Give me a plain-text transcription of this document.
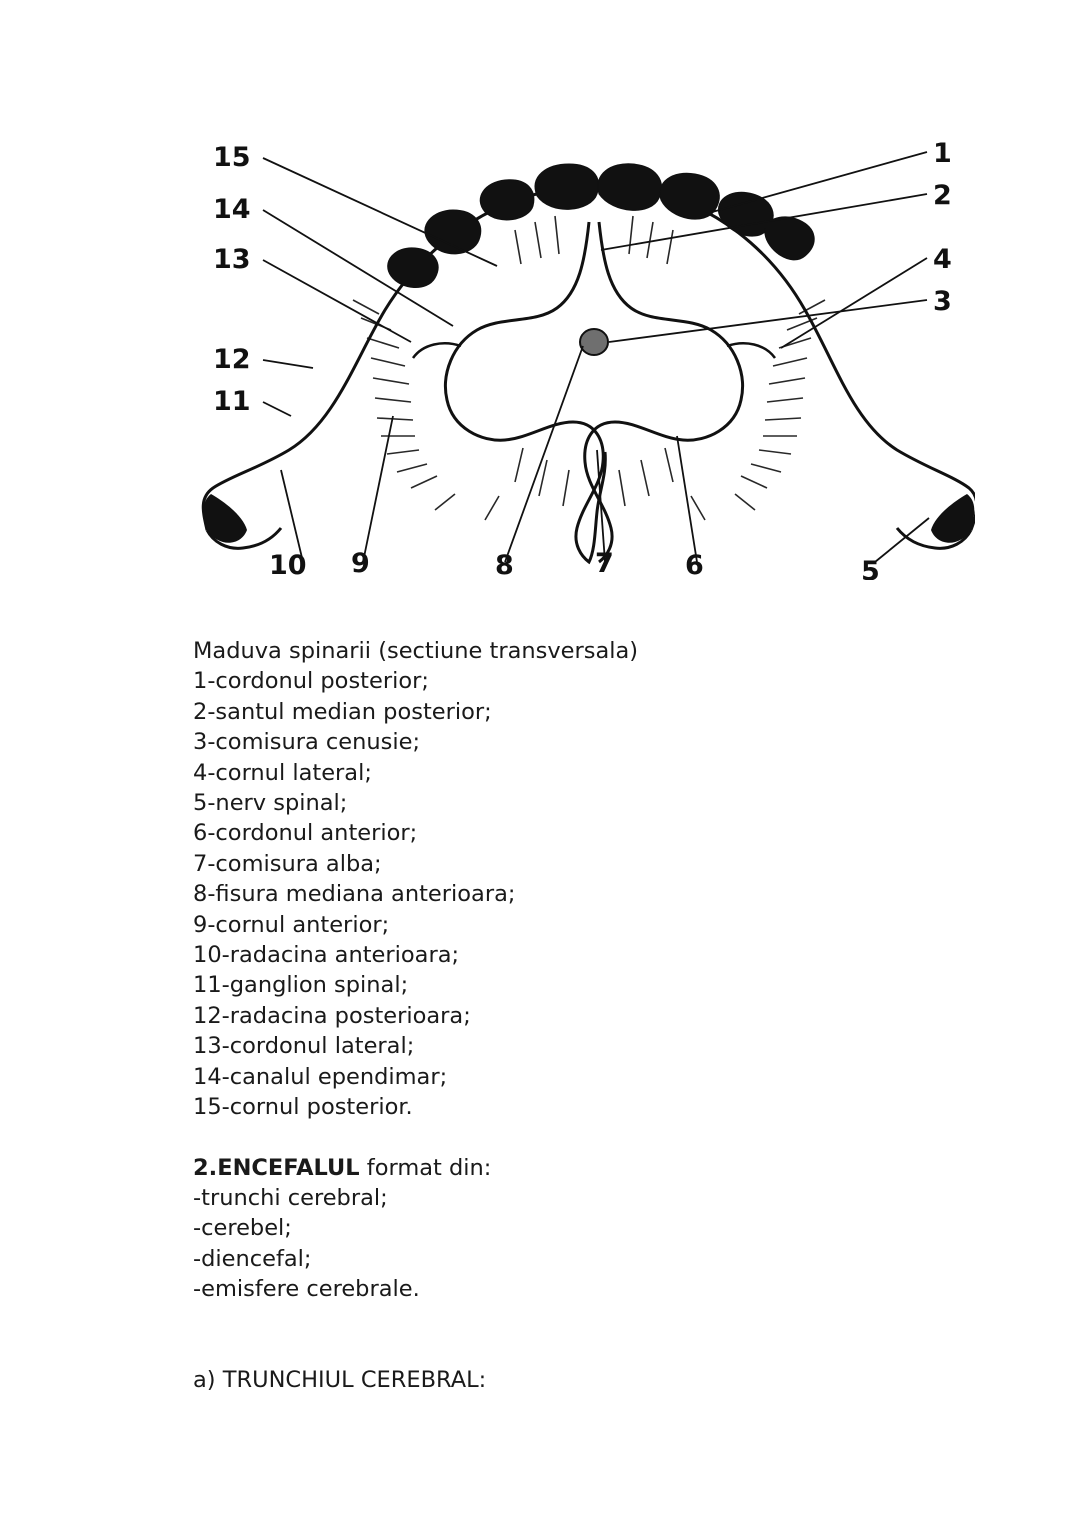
15
14
13
12
11
10 9	8	7	6	5
1
2
4
3
Maduva spinarii (sectiune transversala)
1-cordonul posterior;
2-santul median posterior;
3-comisura cenusie;
4-cornul lateral;
5-nerv spinal;
6-cordonul anterior;
7-comisura alba;
8-fisura mediana anterioara;
9-cornul anterior;
10-radacina anterioara;
11-ganglion spinal;
12-radacina posterioara;
13-cordonul lateral;
14-canalul ependimar;
15-cornul posterior.
2.ENCEFALUL format din:
-trunchi cerebral;
-cerebel;
-diencefal;
-emisfere cerebrale.
a) TRUNCHIUL CEREBRAL:
